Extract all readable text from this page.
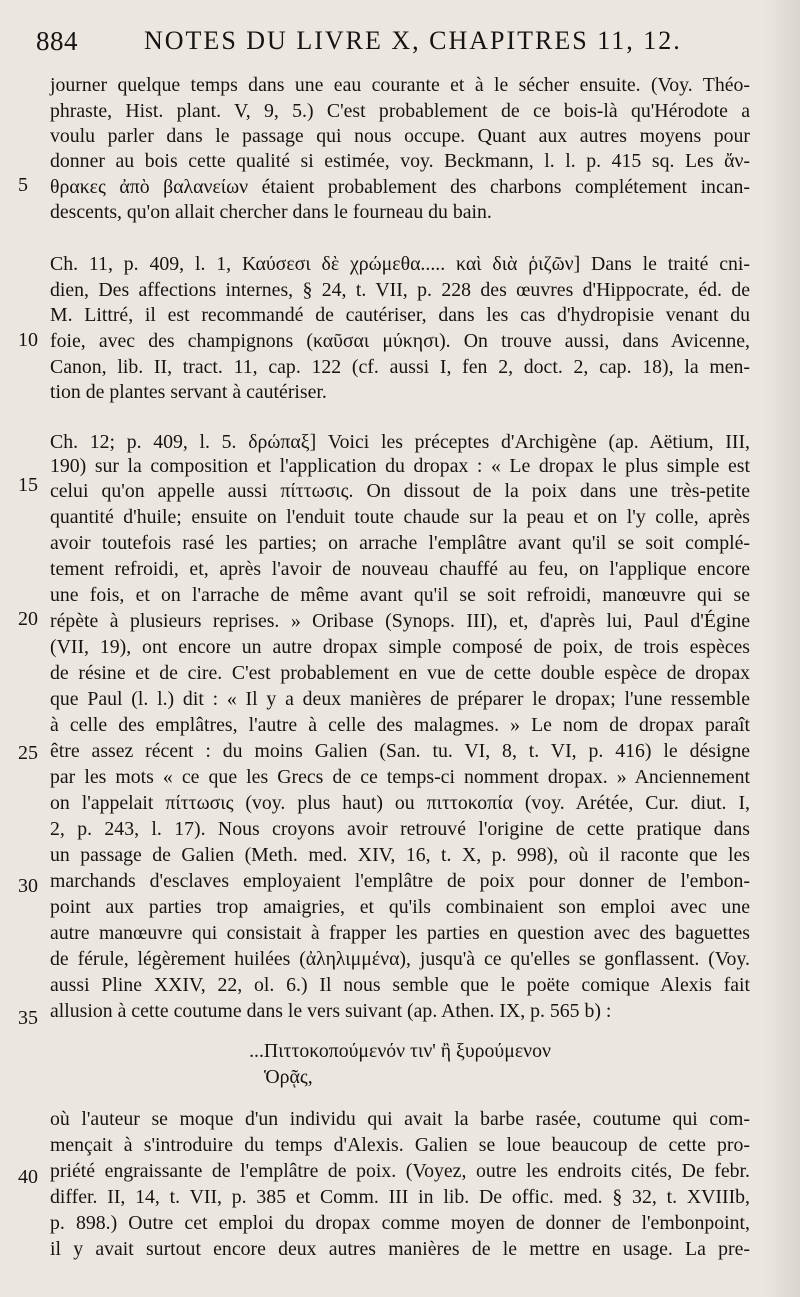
884	NOTES DU LIVRE X, CHAPITRES 11, 12.
5
10
15
20
25
30
35
40
journer quelque temps dans une eau courante et à le sécher ensuite. (Voy. Théo-
phraste, Hist. plant. V, 9, 5.) C'est probablement de ce bois-là qu'Hérodote a
voulu parler dans le passage qui nous occupe. Quant aux autres moyens pour
donner au bois cette qualité si estimée, voy. Beckmann, l. l. p. 415 sq. Les ἄν-
θρακες ἀπὸ βαλανείων étaient probablement des charbons complétement incan-
descents, qu'on allait chercher dans le fourneau du bain.
Ch. 11, p. 409, l. 1, Καύσεσι δὲ χρώμεθα..... καὶ διὰ ῥιζῶν] Dans le traité cni-
dien, Des affections internes, § 24, t. VII, p. 228 des œuvres d'Hippocrate, éd. de
M. Littré, il est recommandé de cautériser, dans les cas d'hydropisie venant du
foie, avec des champignons (καῦσαι μύκησι). On trouve aussi, dans Avicenne,
Canon, lib. II, tract. 11, cap. 122 (cf. aussi I, fen 2, doct. 2, cap. 18), la men-
tion de plantes servant à cautériser.
Ch. 12; p. 409, l. 5. δρώπαξ] Voici les préceptes d'Archigène (ap. Aëtium, III,
190) sur la composition et l'application du dropax : « Le dropax le plus simple est
celui qu'on appelle aussi πίττωσις. On dissout de la poix dans une très-petite
quantité d'huile; ensuite on l'enduit toute chaude sur la peau et on l'y colle, après
avoir toutefois rasé les parties; on arrache l'emplâtre avant qu'il se soit complé-
tement refroidi, et, après l'avoir de nouveau chauffé au feu, on l'applique encore
une fois, et on l'arrache de même avant qu'il se soit refroidi, manœuvre qui se
répète à plusieurs reprises. » Oribase (Synops. III), et, d'après lui, Paul d'Égine
(VII, 19), ont encore un autre dropax simple composé de poix, de trois espèces
de résine et de cire. C'est probablement en vue de cette double espèce de dropax
que Paul (l. l.) dit : « Il y a deux manières de préparer le dropax; l'une ressemble
à celle des emplâtres, l'autre à celle des malagmes. » Le nom de dropax paraît
être assez récent : du moins Galien (San. tu. VI, 8, t. VI, p. 416) le désigne
par les mots « ce que les Grecs de ce temps-ci nomment dropax. » Anciennement
on l'appelait πίττωσις (voy. plus haut) ou πιττοκοπία (voy. Arétée, Cur. diut. I,
2, p. 243, l. 17). Nous croyons avoir retrouvé l'origine de cette pratique dans
un passage de Galien (Meth. med. XIV, 16, t. X, p. 998), où il raconte que les
marchands d'esclaves employaient l'emplâtre de poix pour donner de l'embon-
point aux parties trop amaigries, et qu'ils combinaient son emploi avec une
autre manœuvre qui consistait à frapper les parties en question avec des baguettes
de férule, légèrement huilées (ἀληλιμμένα), jusqu'à ce qu'elles se gonflassent. (Voy.
aussi Pline XXIV, 22, ol. 6.) Il nous semble que le poëte comique Alexis fait
allusion à cette coutume dans le vers suivant (ap. Athen. IX, p. 565 b) :
...Πιττοκοπούμενόν τιν' ἢ ξυρούμενον
Ὁρᾷς,
où l'auteur se moque d'un individu qui avait la barbe rasée, coutume qui com-
mençait à s'introduire du temps d'Alexis. Galien se loue beaucoup de cette pro-
priété engraissante de l'emplâtre de poix. (Voyez, outre les endroits cités, De febr.
differ. II, 14, t. VII, p. 385 et Comm. III in lib. De offic. med. § 32, t. XVIIIb,
p. 898.) Outre cet emploi du dropax comme moyen de donner de l'embonpoint,
il y avait surtout encore deux autres manières de le mettre en usage. La pre-
